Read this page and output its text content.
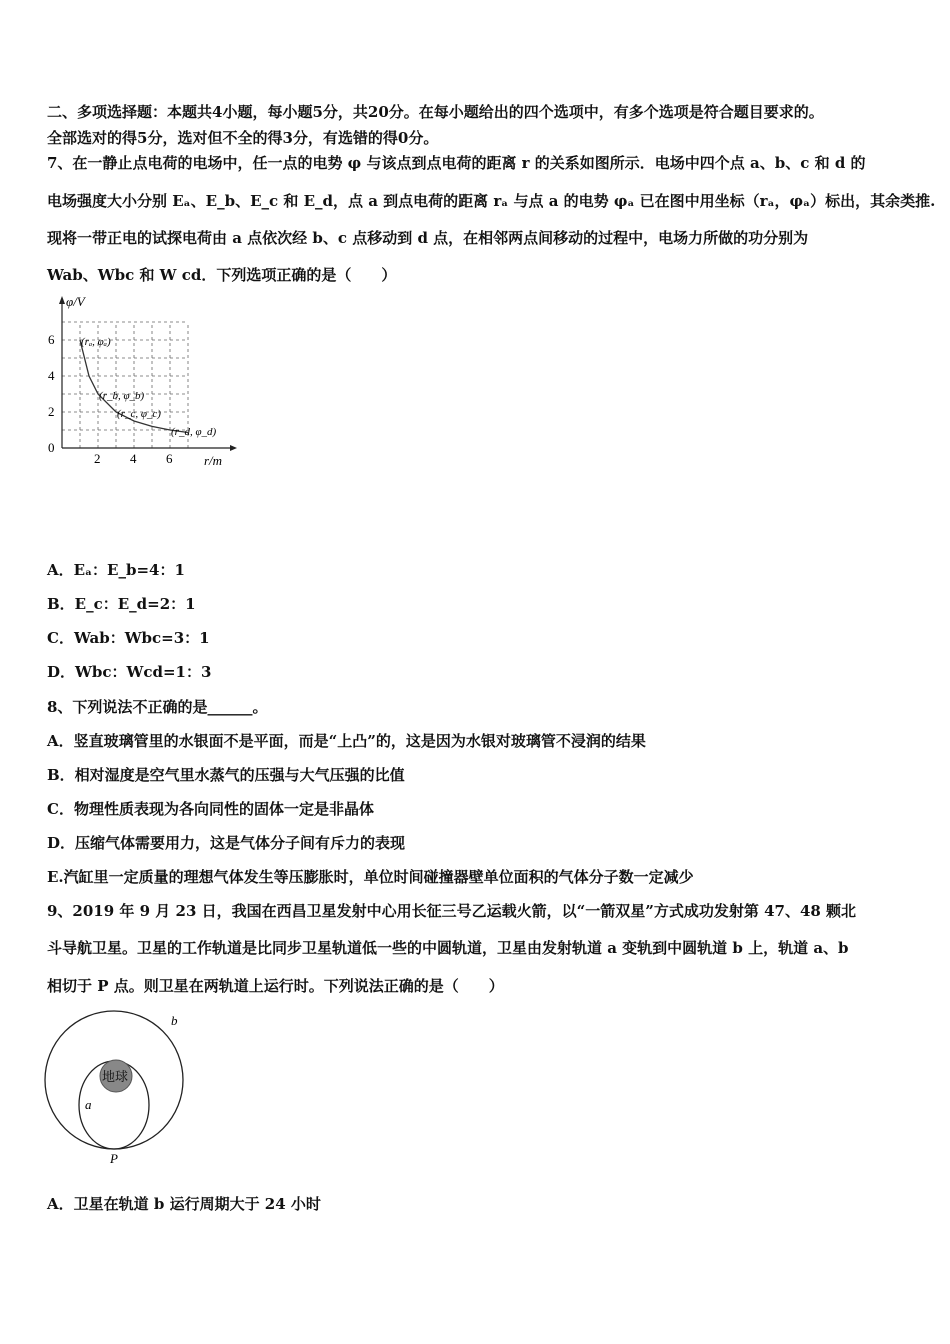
二、多项选择题：本题共4小题，每小题5分，共20分。在每小题给出的四个选项中，有多个选项是符合题目要求的。
全部选对的得5分，选对但不全的得3分，有选错的得0分。
7、在一静止点电荷的电场中，任一点的电势 φ 与该点到点电荷的距离 r 的关系如图所示．电场中四个点 a、b、c 和 d 的
电场强度大小分别 Eₐ、E_b、E_c 和 E_d，点 a 到点电荷的距离 rₐ 与点 a 的电势 φₐ 已在图中用坐标（rₐ，φₐ）标出，其余类推.
现将一带正电的试探电荷由 a 点依次经 b、c 点移动到 d 点，在相邻两点间移动的过程中，电场力所做的功分别为
Wab、Wbc 和 W cd．下列选项正确的是（　　）
φ/V
r/m
2 4 6
0
2
4
6 (rₐ, φₐ)
(r_b, φ_b)
(r_c, φ_c)
(r_d, φ_d)
A．Eₐ：E_b=4：1
B．E_c：E_d=2：1
C．Wab：Wbc=3：1
D．Wbc：Wcd=1：3
8、下列说法不正确的是______。
A．竖直玻璃管里的水银面不是平面，而是“上凸”的，这是因为水银对玻璃管不浸润的结果
B．相对湿度是空气里水蒸气的压强与大气压强的比值
C．物理性质表现为各向同性的固体一定是非晶体
D．压缩气体需要用力，这是气体分子间有斥力的表现
E.汽缸里一定质量的理想气体发生等压膨胀时，单位时间碰撞器壁单位面积的气体分子数一定减少
9、2019 年 9 月 23 日，我国在西昌卫星发射中心用长征三号乙运载火箭，以“一箭双星”方式成功发射第 47、48 颗北
斗导航卫星。卫星的工作轨道是比同步卫星轨道低一些的中圆轨道，卫星由发射轨道 a 变轨到中圆轨道 b 上，轨道 a、b
相切于 P 点。则卫星在两轨道上运行时。下列说法正确的是（　　）
地球
b
a
P
A．卫星在轨道 b 运行周期大于 24 小时
